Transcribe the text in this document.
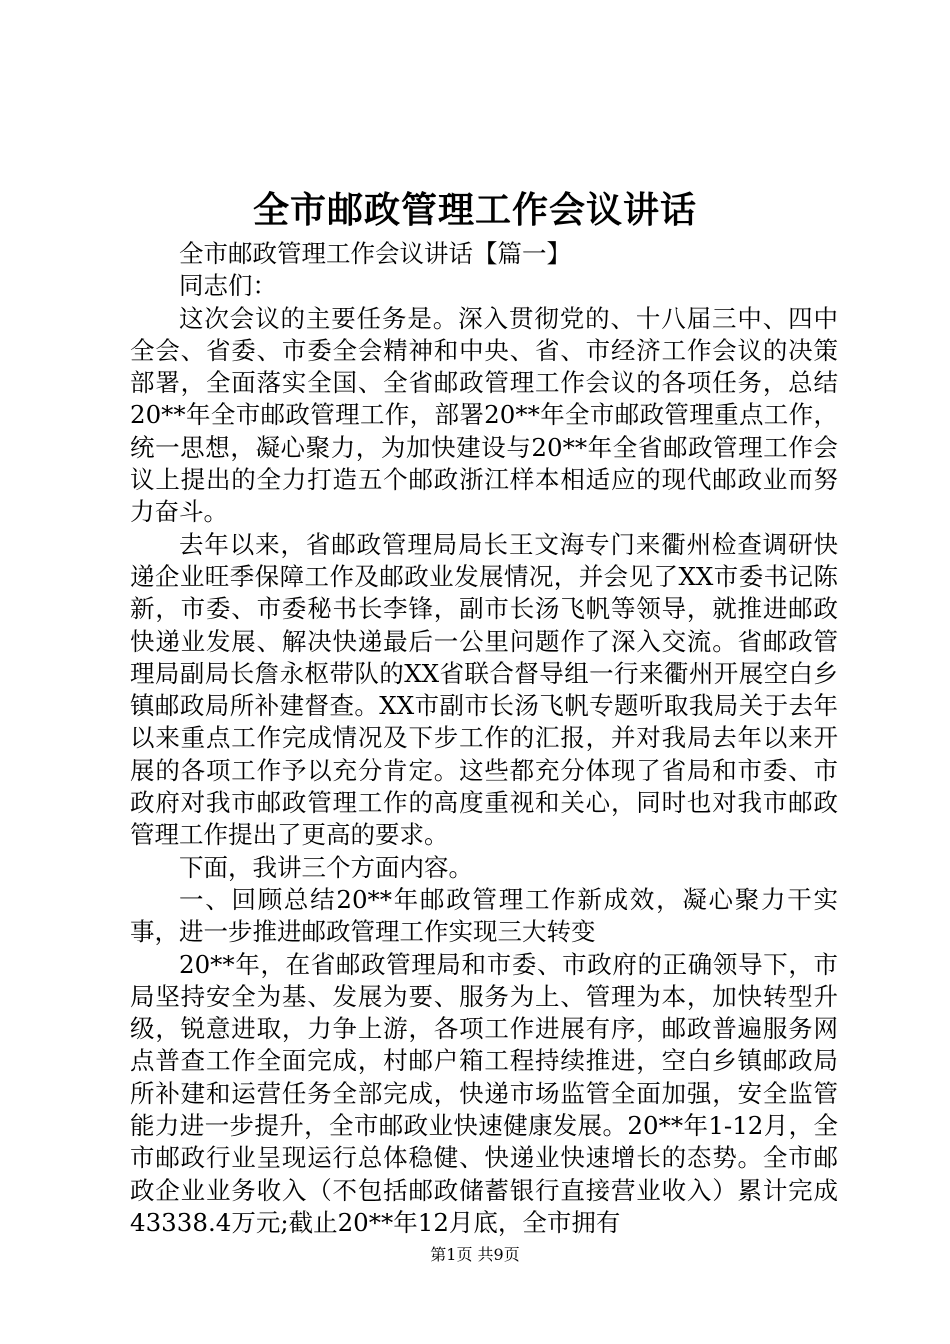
全市邮政管理工作会议讲话

全市邮政管理工作会议讲话【篇一】

同志们：

这次会议的主要任务是。深入贯彻党的、十八届三中、四中全会、省委、市委全会精神和中央、省、市经济工作会议的决策部署，全面落实全国、全省邮政管理工作会议的各项任务，总结20**年全市邮政管理工作，部署20**年全市邮政管理重点工作，统一思想，凝心聚力，为加快建设与20**年全省邮政管理工作会议上提出的全力打造五个邮政浙江样本相适应的现代邮政业而努力奋斗。

去年以来，省邮政管理局局长王文海专门来衢州检查调研快递企业旺季保障工作及邮政业发展情况，并会见了XX市委书记陈新，市委、市委秘书长李锋，副市长汤飞帆等领导，就推进邮政快递业发展、解决快递最后一公里问题作了深入交流。省邮政管理局副局长詹永枢带队的XX省联合督导组一行来衢州开展空白乡镇邮政局所补建督查。XX市副市长汤飞帆专题听取我局关于去年以来重点工作完成情况及下步工作的汇报，并对我局去年以来开展的各项工作予以充分肯定。这些都充分体现了省局和市委、市政府对我市邮政管理工作的高度重视和关心，同时也对我市邮政管理工作提出了更高的要求。

下面，我讲三个方面内容。

一、回顾总结20**年邮政管理工作新成效，凝心聚力干实事，进一步推进邮政管理工作实现三大转变

20**年，在省邮政管理局和市委、市政府的正确领导下，市局坚持安全为基、发展为要、服务为上、管理为本，加快转型升级，锐意进取，力争上游，各项工作进展有序，邮政普遍服务网点普查工作全面完成，村邮户箱工程持续推进，空白乡镇邮政局所补建和运营任务全部完成，快递市场监管全面加强，安全监管能力进一步提升，全市邮政业快速健康发展。20**年1-12月，全市邮政行业呈现运行总体稳健、快递业快速增长的态势。全市邮政企业业务收入（不包括邮政储蓄银行直接营业收入）累计完成43338.4万元;截止20**年12月底，全市拥有

第1页 共9页
